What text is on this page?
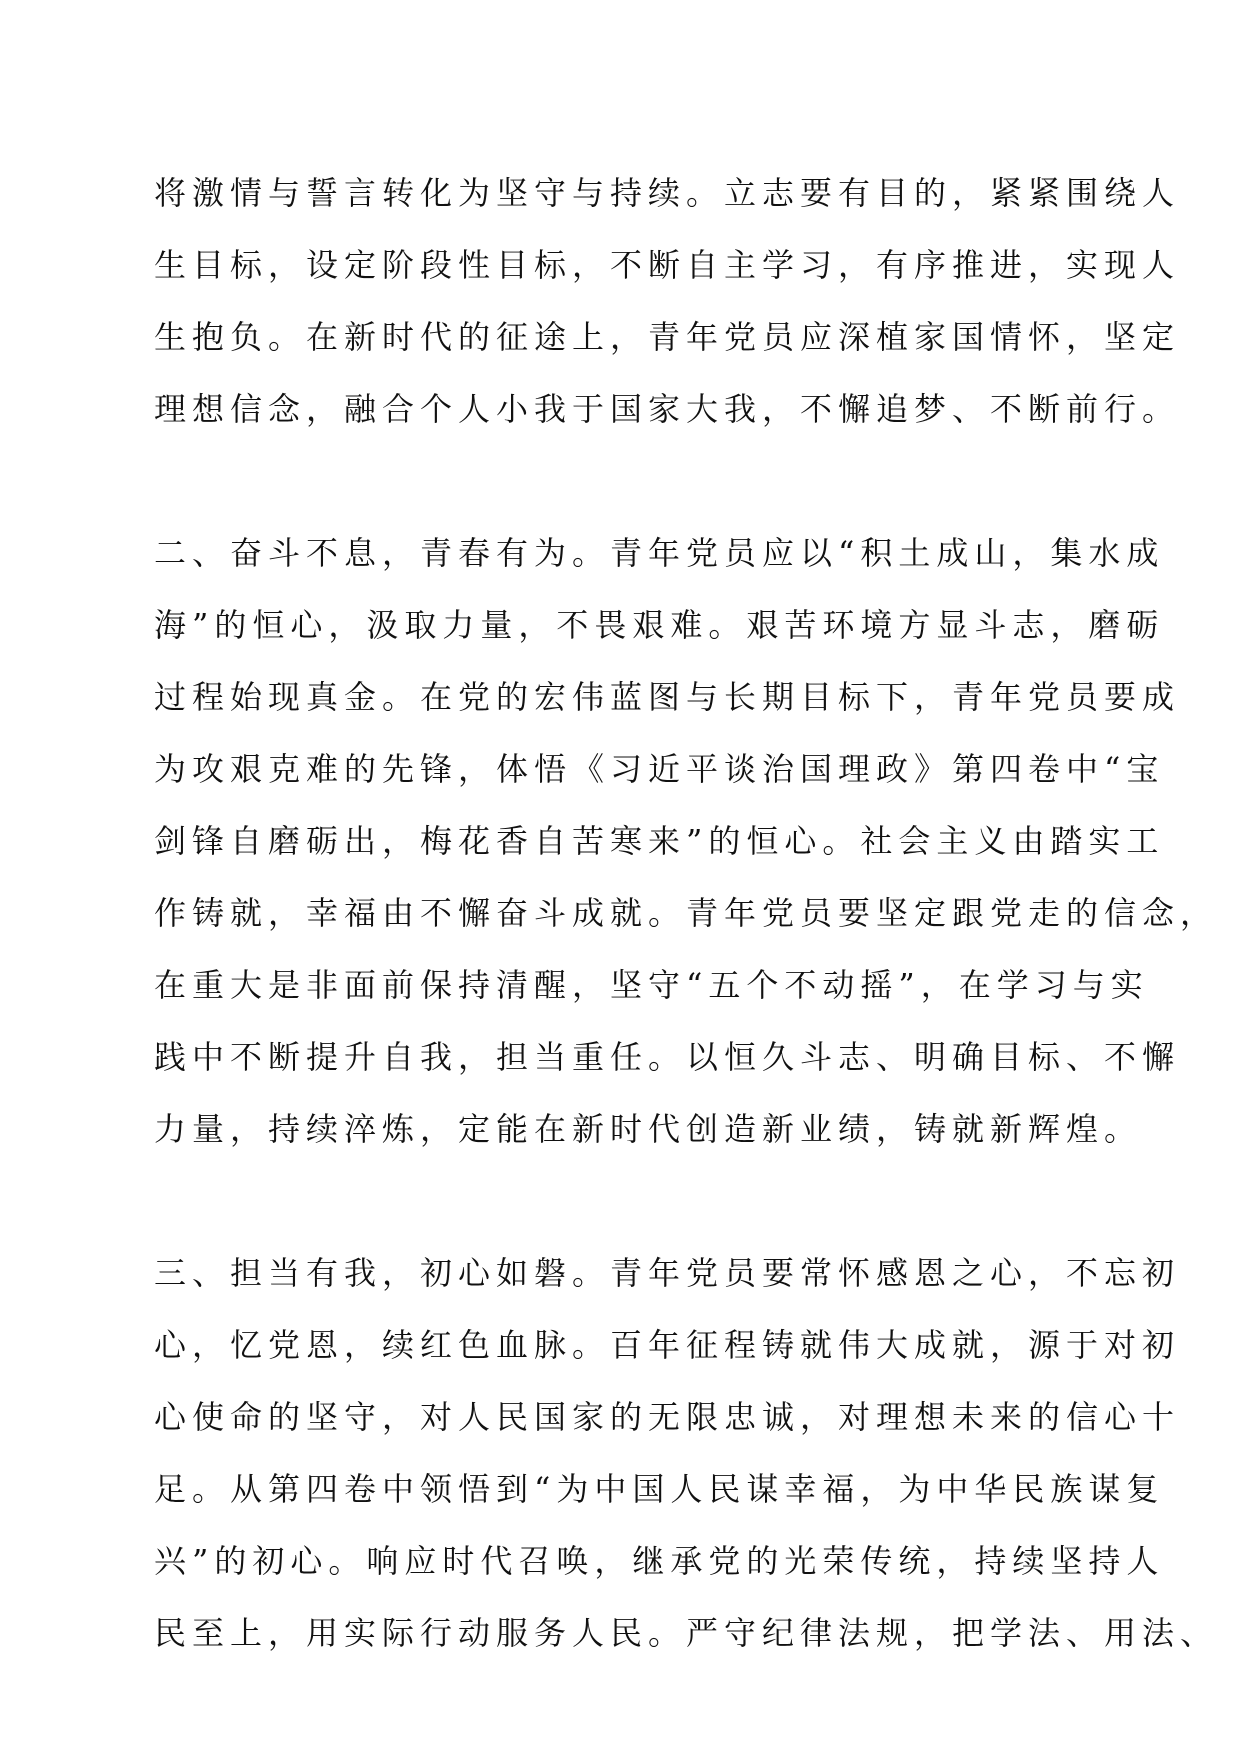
将激情与誓言转化为坚守与持续。立志要有目的，紧紧围绕人
生目标，设定阶段性目标，不断自主学习，有序推进，实现人
生抱负。在新时代的征途上，青年党员应深植家国情怀，坚定
理想信念，融合个人小我于国家大我，不懈追梦、不断前行。
二、奋斗不息，青春有为。青年党员应以“积土成山，集水成
海”的恒心，汲取力量，不畏艰难。艰苦环境方显斗志，磨砺
过程始现真金。在党的宏伟蓝图与长期目标下，青年党员要成
为攻艰克难的先锋，体悟《习近平谈治国理政》第四卷中“宝
剑锋自磨砺出，梅花香自苦寒来”的恒心。社会主义由踏实工
作铸就，幸福由不懈奋斗成就。青年党员要坚定跟党走的信念，
在重大是非面前保持清醒，坚守“五个不动摇”，在学习与实
践中不断提升自我，担当重任。以恒久斗志、明确目标、不懈
力量，持续淬炼，定能在新时代创造新业绩，铸就新辉煌。
三、担当有我，初心如磐。青年党员要常怀感恩之心，不忘初
心，忆党恩，续红色血脉。百年征程铸就伟大成就，源于对初
心使命的坚守，对人民国家的无限忠诚，对理想未来的信心十
足。从第四卷中领悟到“为中国人民谋幸福，为中华民族谋复
兴”的初心。响应时代召唤，继承党的光荣传统，持续坚持人
民至上，用实际行动服务人民。严守纪律法规，把学法、用法、
